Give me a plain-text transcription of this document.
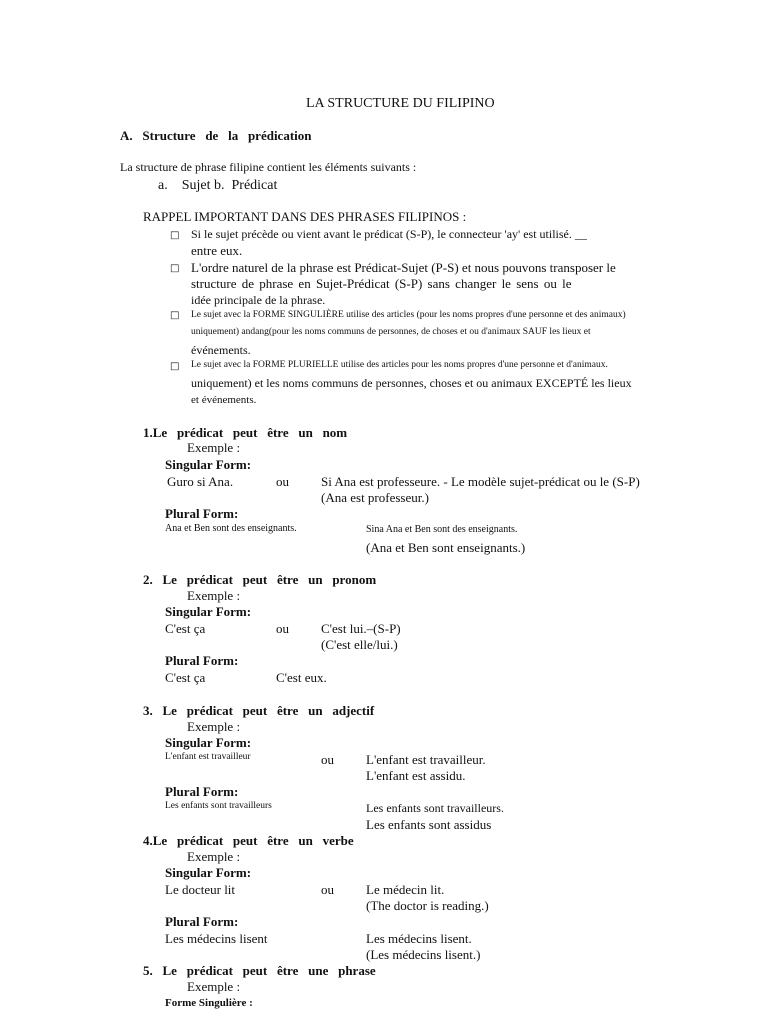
LA STRUCTURE DU FILIPINO
A.   Structure   de   la   prédication
La structure de phrase filipine contient les éléments suivants :
a.    Sujet b.  Prédicat
RAPPEL IMPORTANT DANS DES PHRASES FILIPINOS :
□ Si le sujet précède ou vient avant le prédicat (S-P), le connecteur 'ay' est utilisé. __
entre eux.
□ L'ordre naturel de la phrase est Prédicat-Sujet (P-S) et nous pouvons transposer le
structure de phrase en Sujet-Prédicat (S-P) sans changer le sens ou le
idée principale de la phrase.
□ Le sujet avec la FORME SINGULIÈRE utilise des articles (pour les noms propres d'une personne et des animaux)
uniquement) andang(pour les noms communs de personnes, de choses et ou d'animaux SAUF les lieux et
événements.
□ Le sujet avec la FORME PLURIELLE utilise des articles pour les noms propres d'une personne et d'animaux.
uniquement) et les noms communs de personnes, choses et ou animaux EXCEPTÉ les lieux
et événements.
1.Le   prédicat   peut   être   un   nom
Exemple :
Singular Form:
Guro si Ana.	ou Si Ana est professeure. - Le modèle sujet-prédicat ou le (S-P)
(Ana est professeur.)
Plural Form:
Ana et Ben sont des enseignants.	Sina Ana et Ben sont des enseignants.
(Ana et Ben sont enseignants.)
2.   Le   prédicat   peut   être   un   pronom
Exemple :
Singular Form:
C'est ça	ou C'est lui.–(S-P)
(C'est elle/lui.)
Plural Form:
C'est ça	C'est eux.
3.   Le   prédicat   peut   être   un   adjectif
Exemple :
Singular Form:
L'enfant est travailleur	ou L'enfant est travailleur.
L'enfant est assidu.
Plural Form:
Les enfants sont travailleurs	Les enfants sont travailleurs.
Les enfants sont assidus
4.Le   prédicat   peut   être   un   verbe
Exemple :
Singular Form:
Le docteur lit	ou Le médecin lit.
(The doctor is reading.)
Plural Form:
Les médecins lisent	Les médecins lisent.
(Les médecins lisent.)
5.   Le   prédicat   peut   être   une   phrase
Exemple :
Forme Singulière :
